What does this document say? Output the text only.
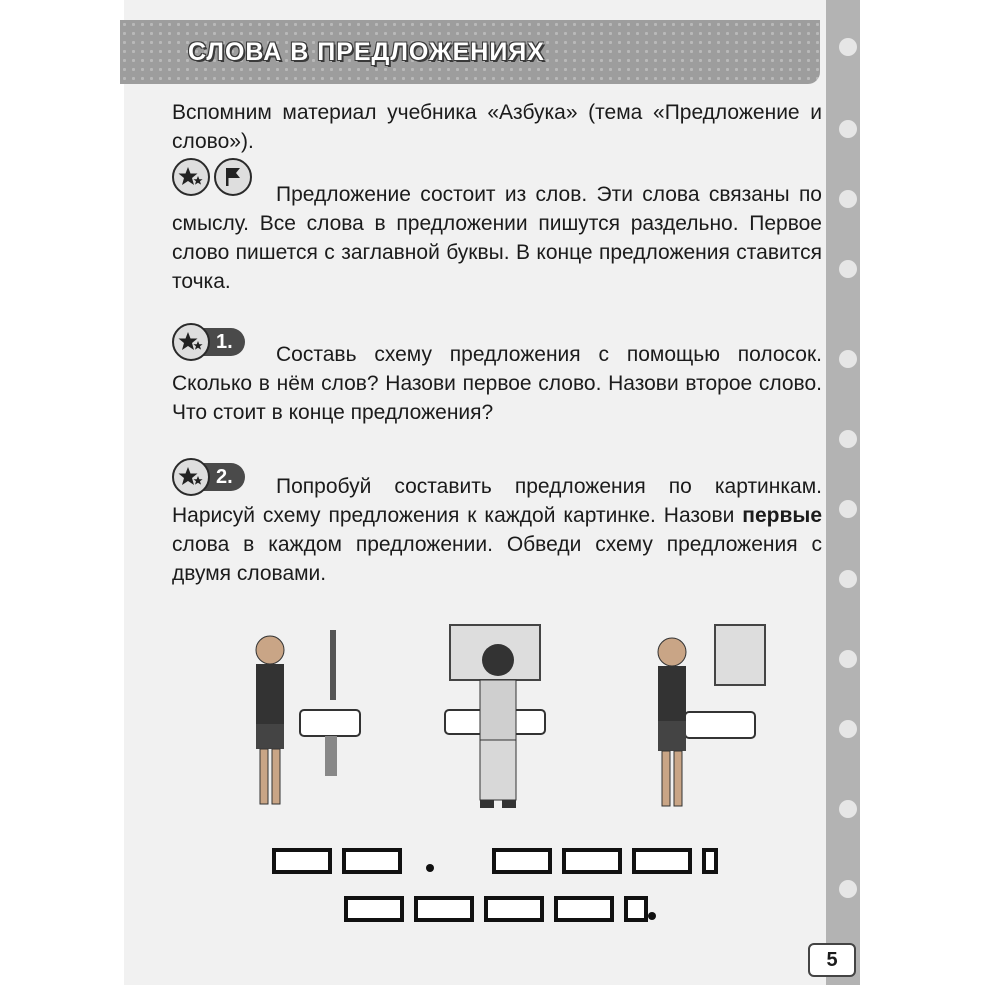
СЛОВА В ПРЕДЛОЖЕНИЯХ
Вспомним материал учебника «Азбука» (тема «Предложение и слово»).
Предложение состоит из слов. Эти слова связаны по смыслу. Все слова в предложении пишутся раздельно. Первое слово пишется с заглавной буквы. В конце предложения ставится точка.
1.
Составь схему предложения с помощью полосок. Сколько в нём слов? Назови первое слово. Назови второе слово. Что стоит в конце предложения?
2.	Попробуй составить предложения по картинкам. Нарисуй схему предложения к каждой картинке. Назови первые слова в каждом предложении. Обведи схему предложения с двумя словами.
5
